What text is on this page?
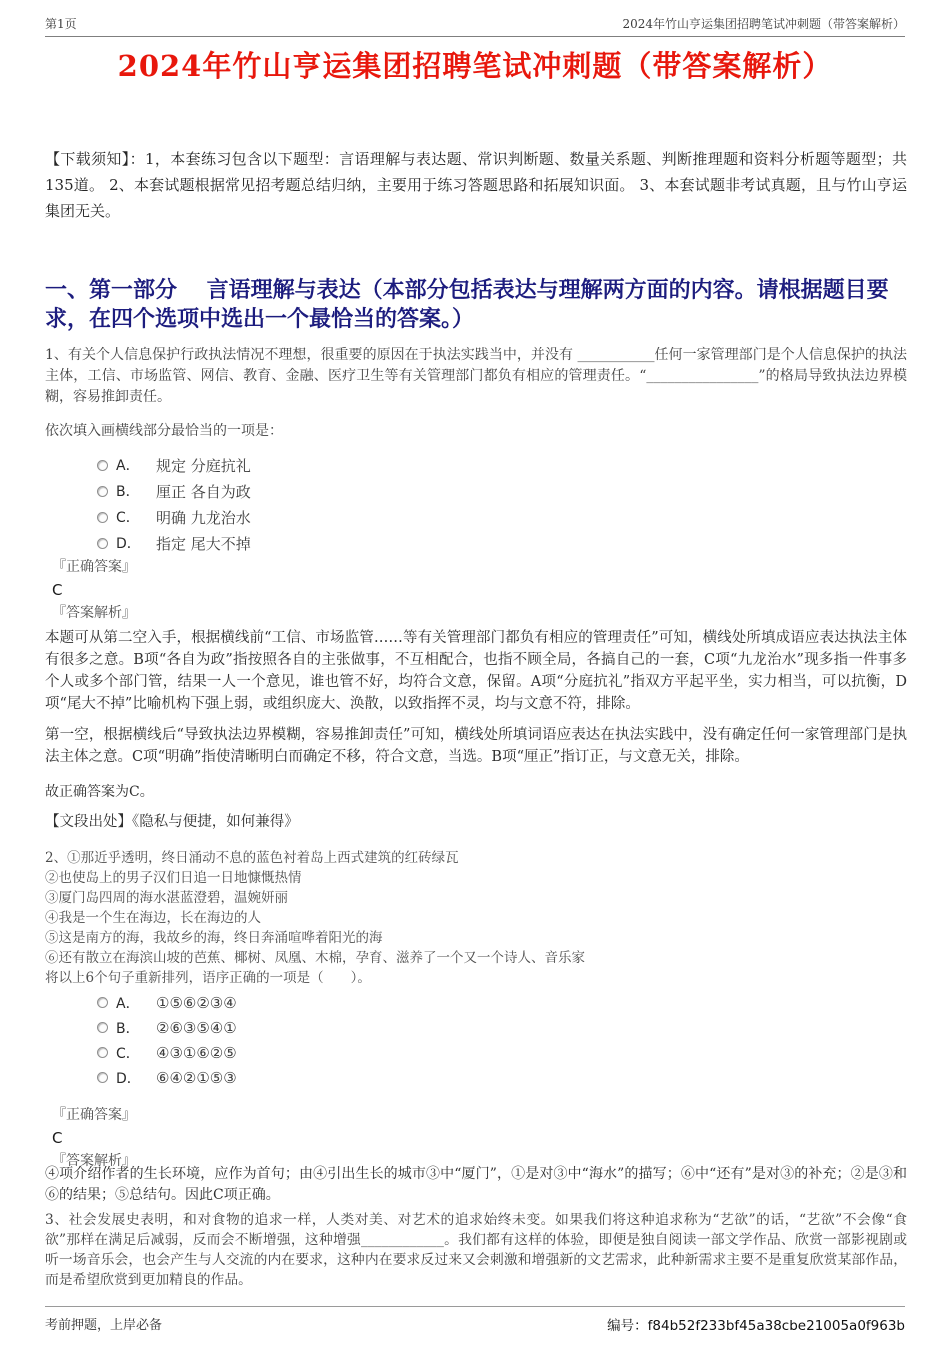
第1页	2024年竹山亨运集团招聘笔试冲刺题（带答案解析）
2024年竹山亨运集团招聘笔试冲刺题（带答案解析）
【下载须知】：1，本套练习包含以下题型：言语理解与表达题、常识判断题、数量关系题、判断推理题和资料分析题等题型；共135道。 2、本套试题根据常见招考题总结归纳，主要用于练习答题思路和拓展知识面。 3、本套试题非考试真题，且与竹山亨运集团无关。
一、第一部分　 言语理解与表达（本部分包括表达与理解两方面的内容。请根据题目要求，在四个选项中选出一个最恰当的答案。）
1、有关个人信息保护行政执法情况不理想，很重要的原因在于执法实践当中，并没有 ___________任何一家管理部门是个人信息保护的执法主体，工信、市场监管、网信、教育、金融、医疗卫生等有关管理部门都负有相应的管理责任。“________________”的格局导致执法边界模糊，容易推卸责任。
依次填入画横线部分最恰当的一项是：
A． 规定 分庭抗礼
B． 厘正 各自为政
C． 明确 九龙治水
D． 指定 尾大不掉
『正确答案』
C
『答案解析』
本题可从第二空入手，根据横线前“工信、市场监管……等有关管理部门都负有相应的管理责任”可知，横线处所填成语应表达执法主体有很多之意。B项“各自为政”指按照各自的主张做事，不互相配合，也指不顾全局，各搞自己的一套，C项“九龙治水”现多指一件事多个人或多个部门管，结果一人一个意见，谁也管不好，均符合文意，保留。A项“分庭抗礼”指双方平起平坐，实力相当，可以抗衡，D项“尾大不掉”比喻机构下强上弱，或组织庞大、涣散，以致指挥不灵，均与文意不符，排除。
第一空，根据横线后“导致执法边界模糊，容易推卸责任”可知，横线处所填词语应表达在执法实践中，没有确定任何一家管理部门是执法主体之意。C项“明确”指使清晰明白而确定不移，符合文意，当选。B项“厘正”指订正，与文意无关，排除。
故正确答案为C。
【文段出处】《隐私与便捷，如何兼得》
2、①那近乎透明，终日涌动不息的蓝色衬着岛上西式建筑的红砖绿瓦
②也使岛上的男子汉们日追一日地慷慨热情
③厦门岛四周的海水湛蓝澄碧，温婉妍丽
④我是一个生在海边，长在海边的人
⑤这是南方的海，我故乡的海，终日奔涌喧哗着阳光的海
⑥还有散立在海滨山坡的芭蕉、椰树、凤凰、木棉，孕育、滋养了一个又一个诗人、音乐家
将以上6个句子重新排列，语序正确的一项是（　　）。
A． ①⑤⑥②③④
B． ②⑥③⑤④①
C． ④③①⑥②⑤
D． ⑥④②①⑤③
『正确答案』
C
『答案解析』
④项介绍作者的生长环境，应作为首句；由④引出生长的城市③中“厦门”，①是对③中“海水”的描写；⑥中“还有”是对③的补充；②是③和⑥的结果；⑤总结句。因此C项正确。
3、社会发展史表明，和对食物的追求一样，人类对美、对艺术的追求始终未变。如果我们将这种追求称为“艺欲”的话，“艺欲”不会像“食欲”那样在满足后减弱，反而会不断增强，这种增强____________。我们都有这样的体验，即便是独自阅读一部文学作品、欣赏一部影视剧或听一场音乐会，也会产生与人交流的内在要求，这种内在要求反过来又会刺激和增强新的文艺需求，此种新需求主要不是重复欣赏某部作品，而是希望欣赏到更加精良的作品。
考前押题，上岸必备	编号：f84b52f233bf45a38cbe21005a0f963b
